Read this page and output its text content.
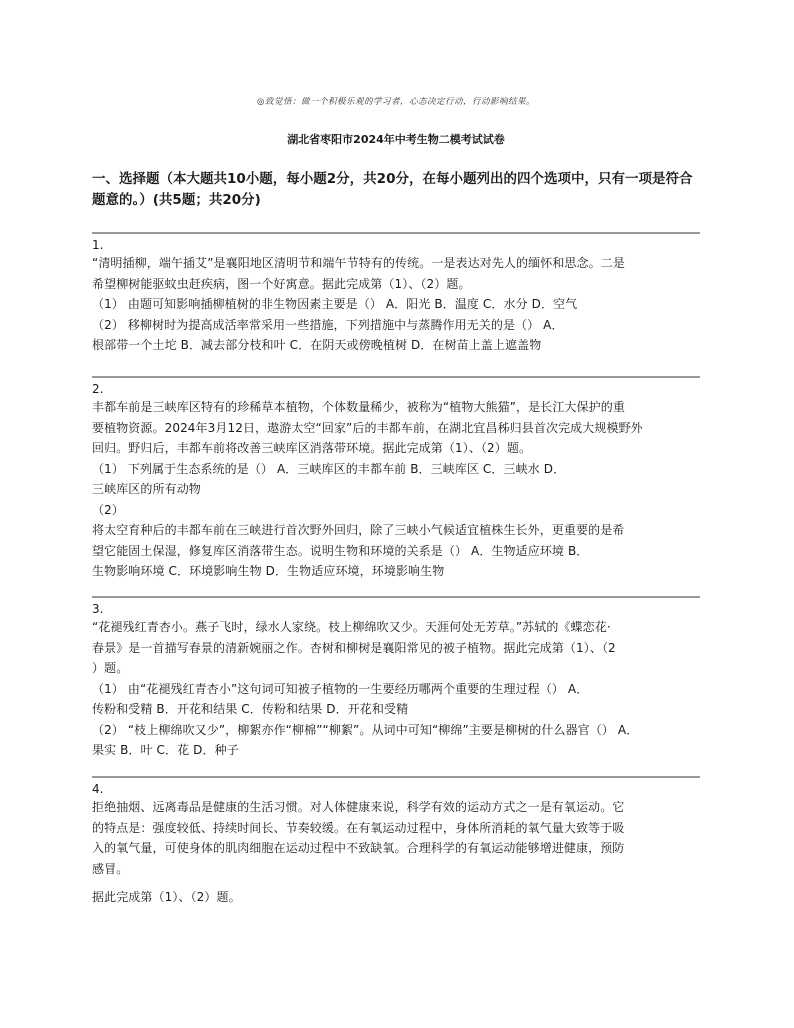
◎致觉悟：做一个积极乐观的学习者，心态决定行动，行动影响结果。
湖北省枣阳市2024年中考生物二模考试试卷
一、选择题（本大题共10小题，每小题2分，共20分，在每小题列出的四个选项中，只有一项是符合
题意的。）(共5题；共20分)
1.
“清明插柳，端午插艾”是襄阳地区清明节和端午节特有的传统。一是表达对先人的缅怀和思念。二是
希望柳树能驱蚊虫赶疾病，图一个好寓意。据此完成第（1）、（2）题。
（1） 由题可知影响插柳植树的非生物因素主要是（） A．阳光 B．温度 C．水分 D．空气
（2） 移柳树时为提高成活率常采用一些措施，下列措施中与蒸腾作用无关的是（） A．
根部带一个土坨 B．减去部分枝和叶 C．在阴天或傍晚植树 D．在树苗上盖上遮盖物
2.
丰都车前是三峡库区特有的珍稀草本植物，个体数量稀少，被称为“植物大熊猫”，是长江大保护的重
要植物资源。2024年3月12日，遨游太空“回家”后的丰都车前，在湖北宜昌秭归县首次完成大规模野外
回归。野归后，丰都车前将改善三峡库区消落带环境。据此完成第（1）、（2）题。
（1） 下列属于生态系统的是（） A．三峡库区的丰都车前 B．三峡库区 C．三峡水 D．
三峡库区的所有动物
（2）
将太空育种后的丰都车前在三峡进行首次野外回归，除了三峡小气候适宜植株生长外，更重要的是希
望它能固土保湿，修复库区消落带生态。说明生物和环境的关系是（） A．生物适应环境 B．
生物影响环境 C．环境影响生物 D．生物适应环境，环境影响生物
3.
“花褪残红青杏小。燕子飞时，绿水人家绕。枝上柳绵吹又少。天涯何处无芳草。”苏轼的《蝶恋花·
春景》是一首描写春景的清新婉丽之作。杏树和柳树是襄阳常见的被子植物。据此完成第（1）、（2
）题。
（1） 由“花褪残红青杏小”这句词可知被子植物的一生要经历哪两个重要的生理过程（） A．
传粉和受精 B．开花和结果 C．传粉和结果 D．开花和受精
（2） “枝上柳绵吹又少”，柳絮亦作“柳棉”“柳絮”。从词中可知“柳绵”主要是柳树的什么器官（） A．
果实 B．叶 C．花 D．种子
4.
拒绝抽烟、远离毒品是健康的生活习惯。对人体健康来说，科学有效的运动方式之一是有氧运动。它
的特点是：强度较低、持续时间长、节奏较缓。在有氧运动过程中，身体所消耗的氧气量大致等于吸
入的氧气量，可使身体的肌肉细胞在运动过程中不致缺氧。合理科学的有氧运动能够增进健康，预防
感冒。
据此完成第（1）、（2）题。
